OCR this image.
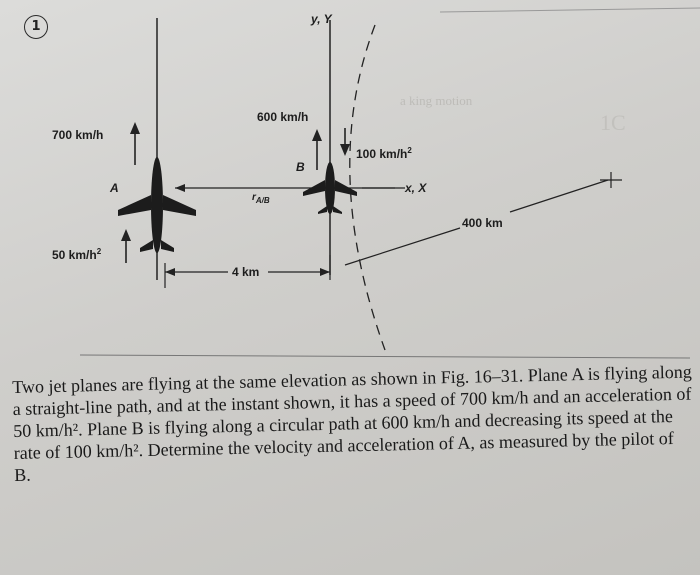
1
a king motion
1C
y, Y
x, X
700 km/h
50 $km/h^2$
A
B
600 km/h
100 $km/h^2$
$r_{A/B}$
4 km
400 km

Two jet planes are flying at the same elevation as shown in Fig. 16–31. Plane A is flying along a straight-line path, and at the instant shown, it has a speed of 700 km/h and an acceleration of 50 km/h². Plane B is flying along a circular path at 600 km/h and decreasing its speed at the rate of 100 km/h². Determine the velocity and acceleration of A, as measured by the pilot of B.
